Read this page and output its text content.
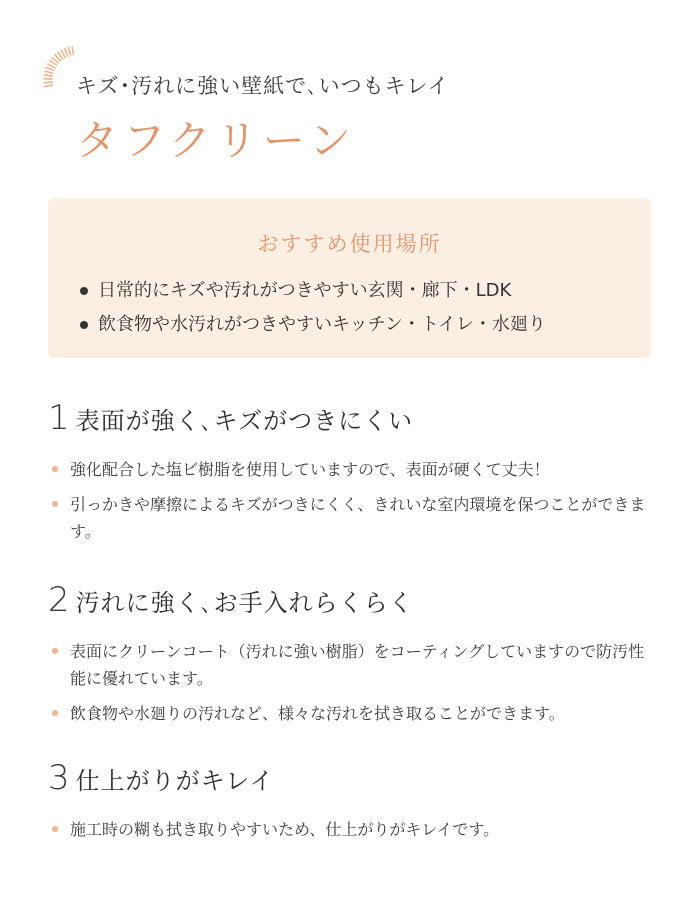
キズ･汚れに強い壁紙で､いつもキレイ
タフクリーン
おすすめ使用場所
日常的にキズや汚れがつきやすい玄関・廊下・LDK
飲食物や水汚れがつきやすいキッチン・トイレ・水廻り
1 表面が強く､キズがつきにくい
強化配合した塩ビ樹脂を使用していますので、表面が硬くて丈夫！
引っかきや摩擦によるキズがつきにくく、きれいな室内環境を保つことができます。
2 汚れに強く､お手入れらくらく
表面にクリーンコート（汚れに強い樹脂）をコーティングしていますので防汚性能に優れています。
飲食物や水廻りの汚れなど、様々な汚れを拭き取ることができます。
3 仕上がりがキレイ
施工時の糊も拭き取りやすいため、仕上がりがキレイです。
